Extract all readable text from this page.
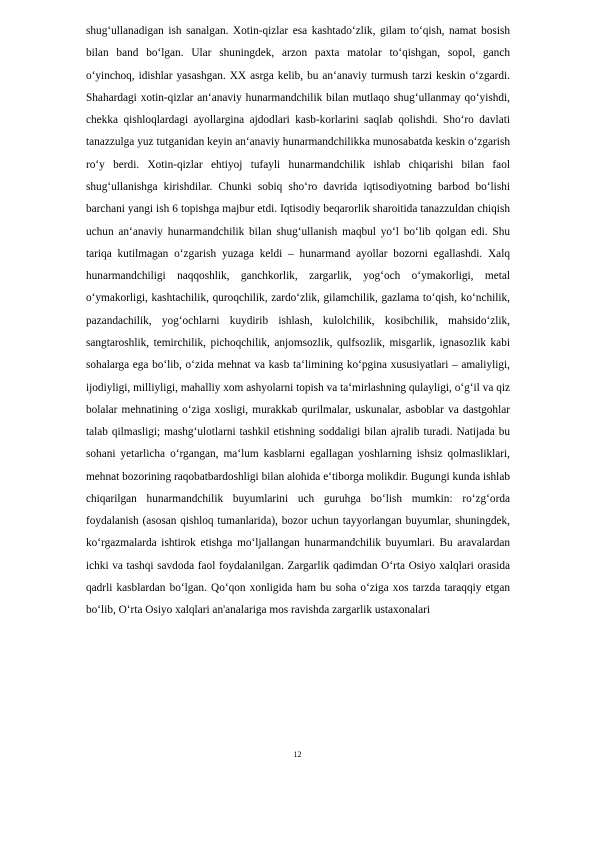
shug‘ullanadigan ish sanalgan. Xotin-qizlar esa kashtado‘zlik, gilam to‘qish, namat bosish bilan band bo‘lgan. Ular shuningdek, arzon paxta matolar to‘qishgan, sopol, ganch o‘yinchoq, idishlar yasashgan. XX asrga kelib, bu an‘anaviy turmush tarzi keskin o‘zgardi. Shahardagi xotin-qizlar an‘anaviy hunarmandchilik bilan mutlaqo shug‘ullanmay qo‘yishdi, chekka qishloqlardagi ayollargina ajdodlari kasb-korlarini saqlab qolishdi. Sho‘ro davlati tanazzulga yuz tutganidan keyin an‘anaviy hunarmandchilikka munosabatda keskin o‘zgarish ro‘y berdi. Xotin-qizlar ehtiyoj tufayli hunarmandchilik ishlab chiqarishi bilan faol shug‘ullanishga kirishdilar. Chunki sobiq sho‘ro davrida iqtisodiyotning barbod bo‘lishi barchani yangi ish 6 topishga majbur etdi. Iqtisodiy beqarorlik sharoitida tanazzuldan chiqish uchun an‘anaviy hunarmandchilik bilan shug‘ullanish maqbul yo‘l bo‘lib qolgan edi. Shu tariqa kutilmagan o‘zgarish yuzaga keldi – hunarmand ayollar bozorni egallashdi. Xalq hunarmandchiligi naqqoshlik, ganchkorlik, zargarlik, yog‘och o‘ymakorligi, metal o‘ymakorligi, kashtachilik, quroqchilik, zardo‘zlik, gilamchilik, gazlama to‘qish, ko‘nchilik, pazandachilik, yog‘ochlarni kuydirib ishlash, kulolchilik, kosibchilik, mahsido‘zlik, sangtaroshlik, temirchilik, pichoqchilik, anjomsozlik, qulfsozlik, misgarlik, ignasozlik kabi sohalarga ega bo‘lib, o‘zida mehnat va kasb ta‘limining ko‘pgina xususiyatlari – amaliyligi, ijodiyligi, milliyligi, mahalliy xom ashyolarni topish va ta‘mirlashning qulayligi, o‘g‘il va qiz bolalar mehnatining o‘ziga xosligi, murakkab qurilmalar, uskunalar, asboblar va dastgohlar talab qilmasligi; mashg‘ulotlarni tashkil etishning soddaligi bilan ajralib turadi. Natijada bu sohani yetarlicha o‘rgangan, ma‘lum kasblarni egallagan yoshlarning ishsiz qolmasliklari, mehnat bozorining raqobatbardoshligi bilan alohida e‘tiborga molikdir. Bugungi kunda ishlab chiqarilgan hunarmandchilik buyumlarini uch guruhga bo‘lish mumkin: ro‘zg‘orda foydalanish (asosan qishloq tumanlarida), bozor uchun tayyorlangan buyumlar, shuningdek, ko‘rgazmalarda ishtirok etishga mo‘ljallangan hunarmandchilik buyumlari. Bu aravalardan ichki va tashqi savdoda faol foydalanilgan. Zargarlik qadimdan O‘rta Osiyo xalqlari orasida qadrli kasblardan bo‘lgan. Qo‘qon xonligida ham bu soha o‘ziga xos tarzda taraqqiy etgan bo‘lib, O‘rta Osiyo xalqlari an'analariga mos ravishda zargarlik ustaxonalari

12
